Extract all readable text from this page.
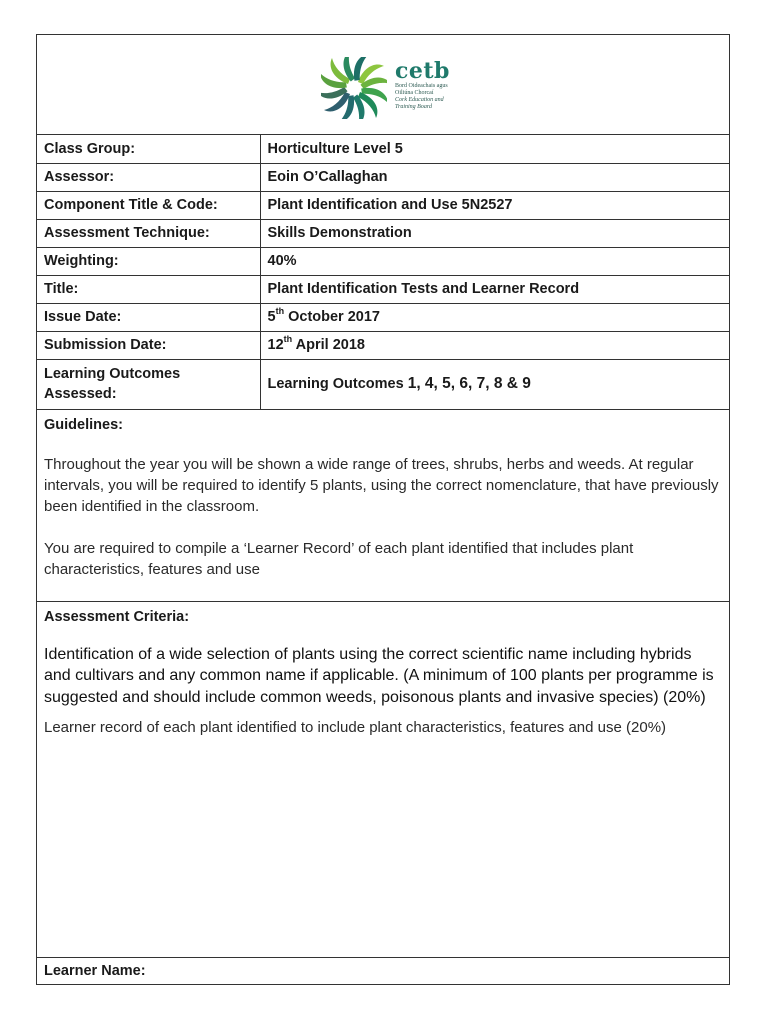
cetb
Bord Oideachais agus
Oiliúna Chorcaí
Cork Education and
Training Board
Class Group:	Horticulture Level 5
Assessor:	Eoin O’Callaghan
Component Title & Code:	Plant Identification and Use 5N2527
Assessment Technique:	Skills Demonstration
Weighting:	40%
Title:	Plant Identification Tests and Learner Record
Issue Date:	5th October 2017
Submission Date:	12th April 2018
Learning Outcomes
Assessed:	Learning Outcomes 1, 4, 5, 6, 7, 8 & 9
Guidelines:
Throughout the year you will be shown a wide range of trees, shrubs, herbs and weeds. At regular intervals, you will be required to identify 5 plants, using the correct nomenclature, that have previously been identified in the classroom.
You are required to compile a ‘Learner Record’ of each plant identified that includes plant characteristics, features and use
Assessment Criteria:
Identification of a wide selection of plants using the correct scientific name including hybrids and cultivars and any common name if applicable. (A minimum of 100 plants per programme is suggested and should include common weeds, poisonous plants and invasive species) (20%)
Learner record of each plant identified to include plant characteristics, features and use (20%)
Learner Name:
